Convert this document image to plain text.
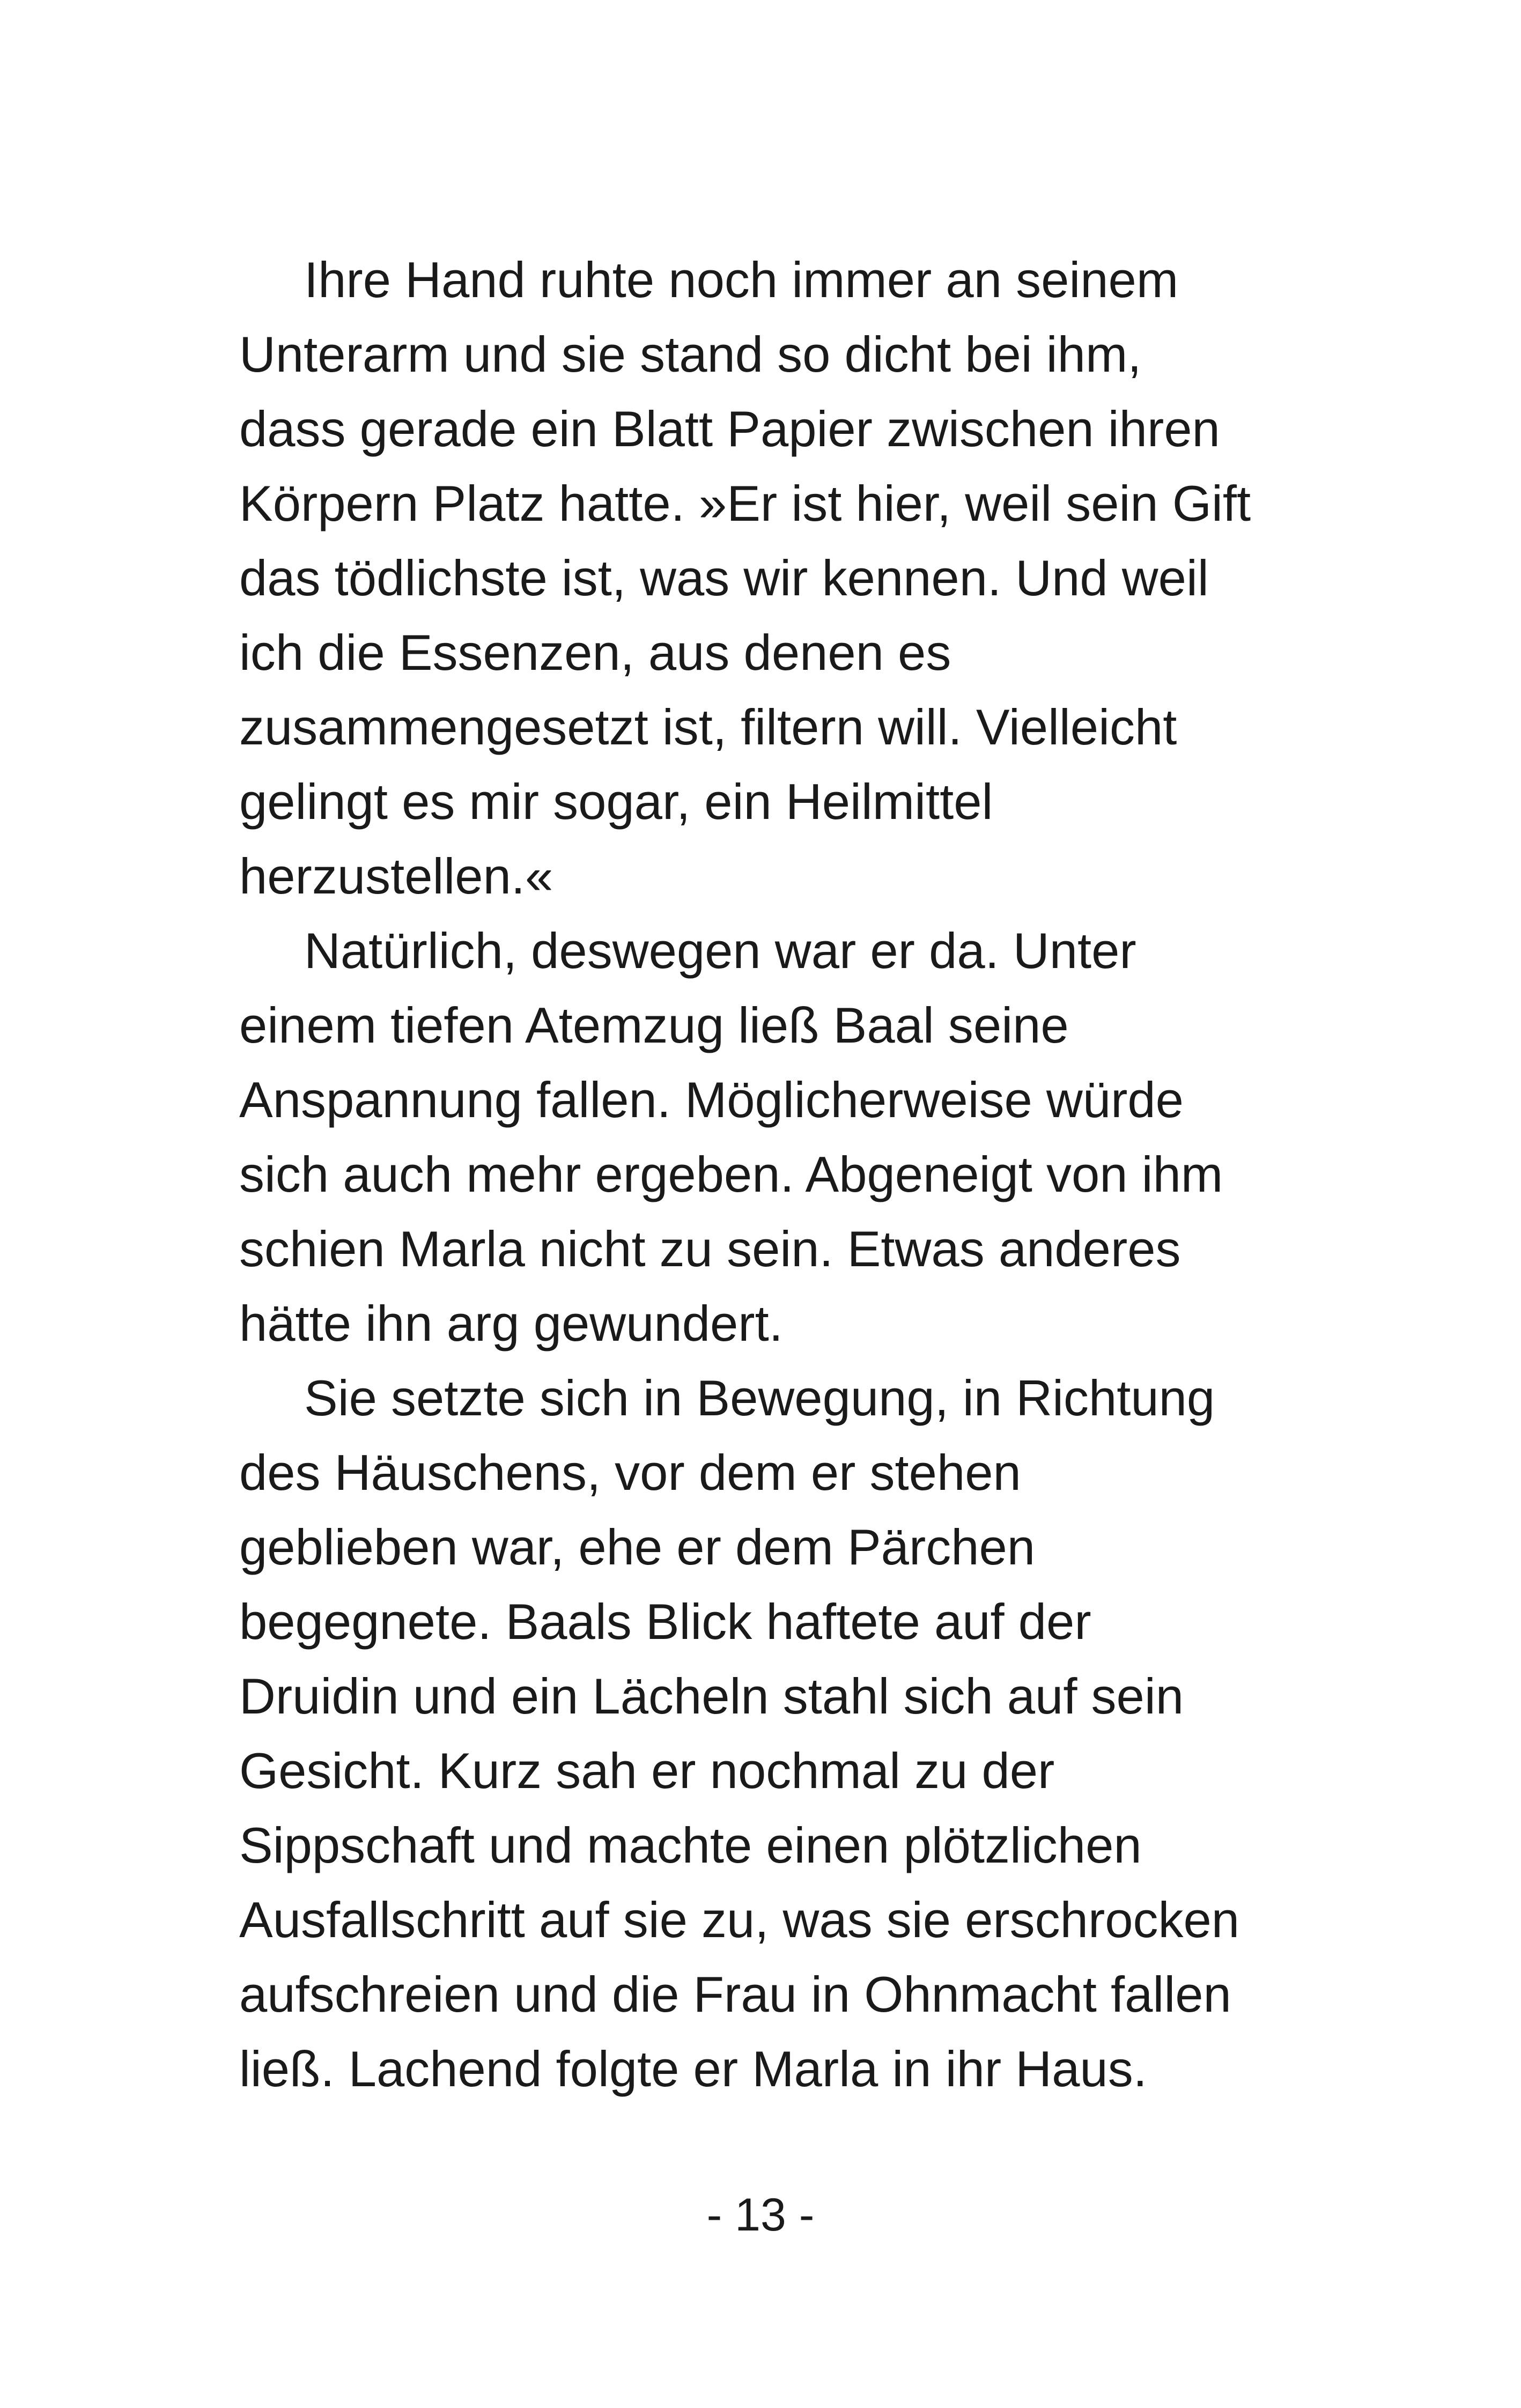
Ihre Hand ruhte noch immer an seinem
Unterarm und sie stand so dicht bei ihm,
dass gerade ein Blatt Papier zwischen ihren
Körpern Platz hatte. »Er ist hier, weil sein Gift
das tödlichste ist, was wir kennen. Und weil
ich die Essenzen, aus denen es
zusammengesetzt ist, filtern will. Vielleicht
gelingt es mir sogar, ein Heilmittel
herzustellen.«
Natürlich, deswegen war er da. Unter
einem tiefen Atemzug ließ Baal seine
Anspannung fallen. Möglicherweise würde
sich auch mehr ergeben. Abgeneigt von ihm
schien Marla nicht zu sein. Etwas anderes
hätte ihn arg gewundert.
Sie setzte sich in Bewegung, in Richtung
des Häuschens, vor dem er stehen
geblieben war, ehe er dem Pärchen
begegnete. Baals Blick haftete auf der
Druidin und ein Lächeln stahl sich auf sein
Gesicht. Kurz sah er nochmal zu der
Sippschaft und machte einen plötzlichen
Ausfallschritt auf sie zu, was sie erschrocken
aufschreien und die Frau in Ohnmacht fallen
ließ. Lachend folgte er Marla in ihr Haus.
- 13 -
